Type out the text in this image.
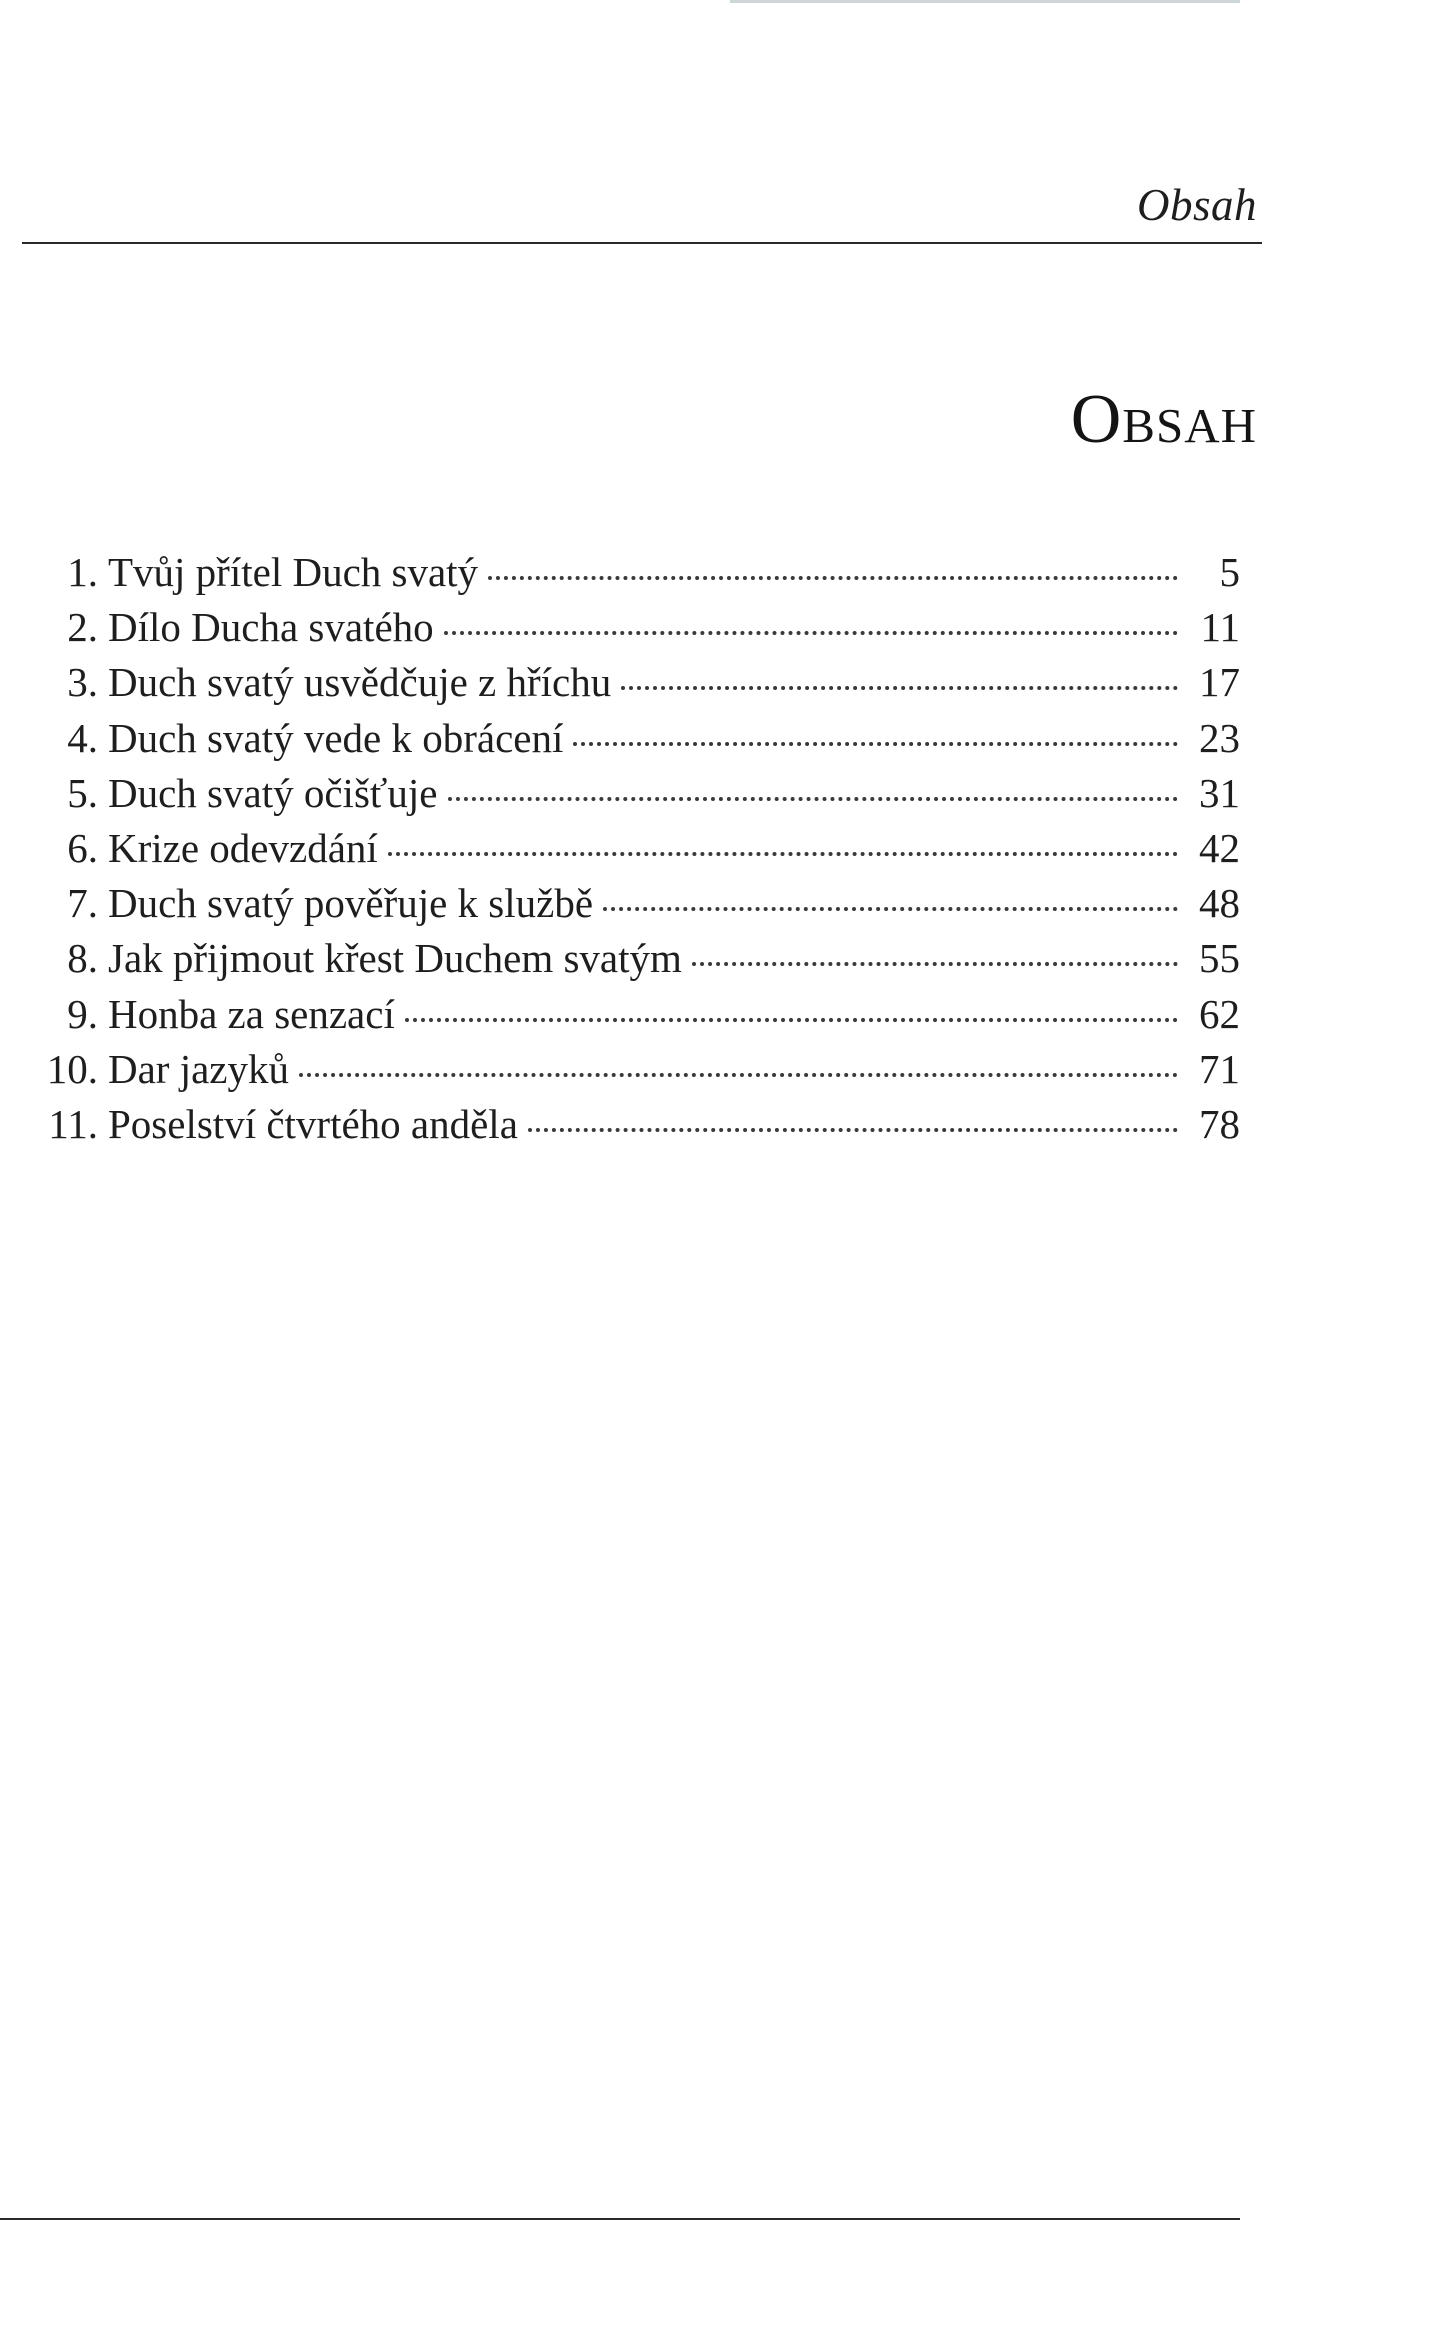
Obsah
Obsah
1. Tvůj přítel Duch svatý	5
2. Dílo Ducha svatého	11
3. Duch svatý usvědčuje z hříchu	17
4. Duch svatý vede k obrácení	23
5. Duch svatý očišťuje	31
6. Krize odevzdání	42
7. Duch svatý pověřuje k službě	48
8. Jak přijmout křest Duchem svatým	55
9. Honba za senzací	62
10. Dar jazyků	71
11. Poselství čtvrtého anděla	78
